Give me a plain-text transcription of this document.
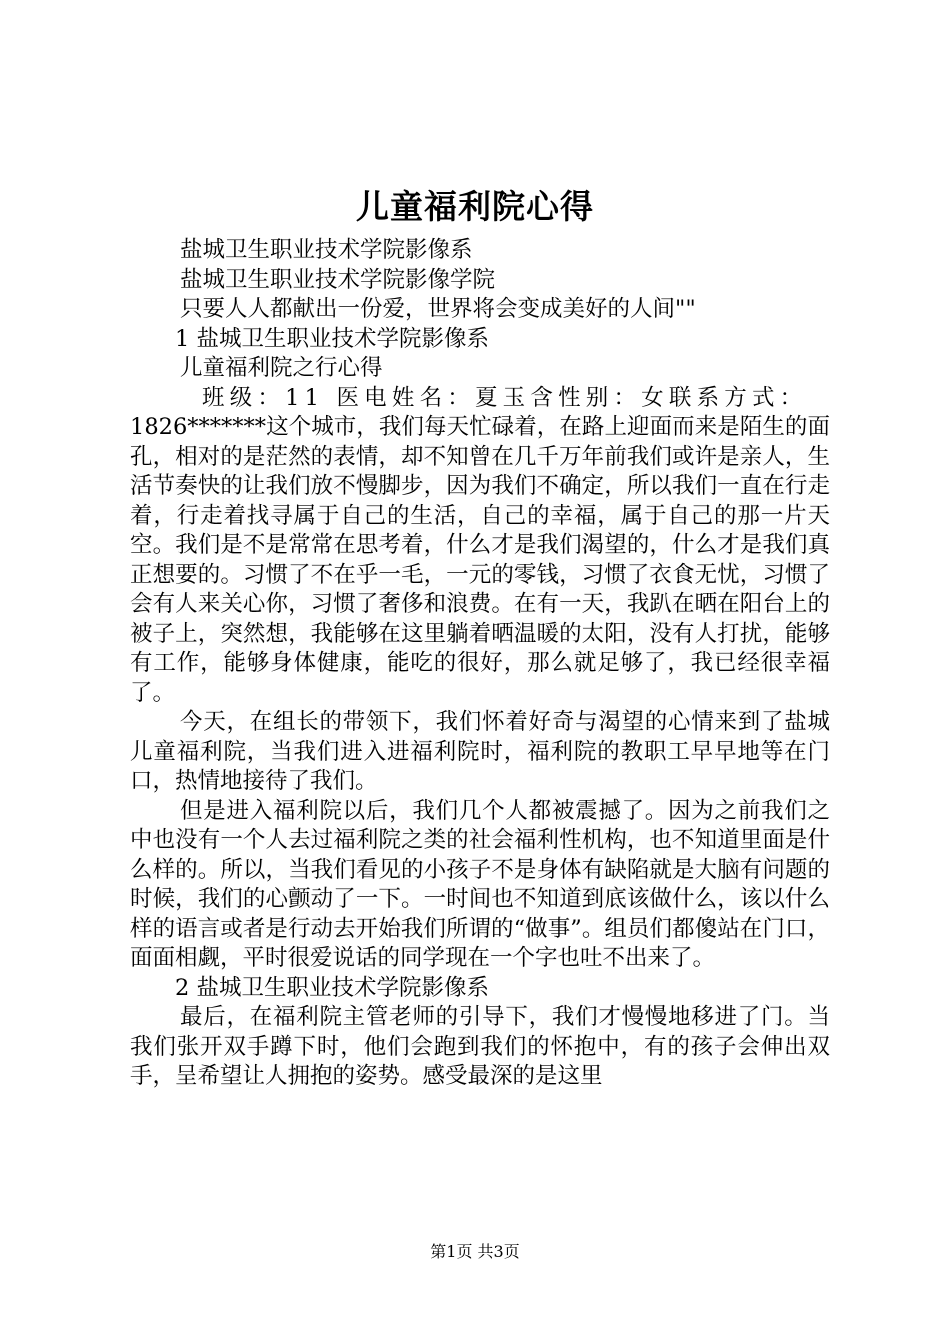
儿童福利院心得
盐城卫生职业技术学院影像系
盐城卫生职业技术学院影像学院
只要人人都献出一份爱，世界将会变成美好的人间""
1 盐城卫生职业技术学院影像系
儿童福利院之行心得
班级：11 医电姓名：夏玉含性别：女联系方式：

1826*******这个城市，我们每天忙碌着，在路上迎面而来是陌生的面孔，相对的是茫然的表情，却不知曾在几千万年前我们或许是亲人，生活节奏快的让我们放不慢脚步，因为我们不确定，所以我们一直在行走着，行走着找寻属于自己的生活，自己的幸福，属于自己的那一片天空。我们是不是常常在思考着，什么才是我们渴望的，什么才是我们真正想要的。习惯了不在乎一毛，一元的零钱，习惯了衣食无忧，习惯了会有人来关心你，习惯了奢侈和浪费。在有一天，我趴在晒在阳台上的被子上，突然想，我能够在这里躺着晒温暖的太阳，没有人打扰，能够有工作，能够身体健康，能吃的很好，那么就足够了，我已经很幸福了。

今天，在组长的带领下，我们怀着好奇与渴望的心情来到了盐城儿童福利院，当我们进入进福利院时，福利院的教职工早早地等在门口，热情地接待了我们。

但是进入福利院以后，我们几个人都被震撼了。因为之前我们之中也没有一个人去过福利院之类的社会福利性机构，也不知道里面是什么样的。所以，当我们看见的小孩子不是身体有缺陷就是大脑有问题的时候，我们的心颤动了一下。一时间也不知道到底该做什么，该以什么样的语言或者是行动去开始我们所谓的“做事”。组员们都傻站在门口，面面相觑，平时很爱说话的同学现在一个字也吐不出来了。

2 盐城卫生职业技术学院影像系

最后，在福利院主管老师的引导下，我们才慢慢地移进了门。当我们张开双手蹲下时，他们会跑到我们的怀抱中，有的孩子会伸出双手，呈希望让人拥抱的姿势。感受最深的是这里

第1页 共3页
